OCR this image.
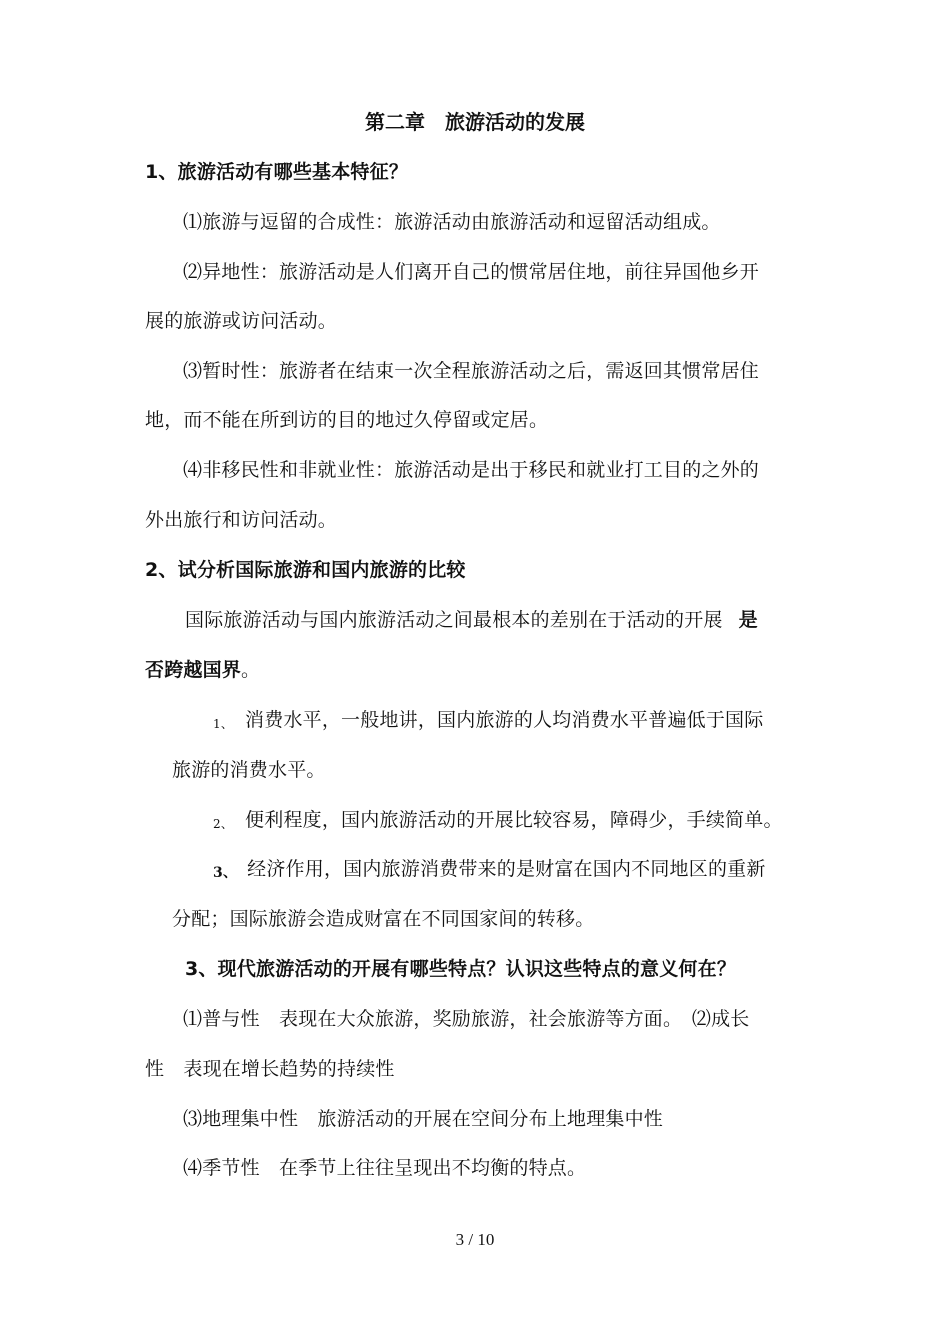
第二章　旅游活动的发展

1、旅游活动有哪些基本特征？

⑴旅游与逗留的合成性：旅游活动由旅游活动和逗留活动组成。

⑵异地性：旅游活动是人们离开自己的惯常居住地，前往异国他乡开

展的旅游或访问活动。

⑶暂时性：旅游者在结束一次全程旅游活动之后，需返回其惯常居住

地，而不能在所到访的目的地过久停留或定居。

⑷非移民性和非就业性：旅游活动是出于移民和就业打工目的之外的

外出旅行和访问活动。

2、试分析国际旅游和国内旅游的比较

国际旅游活动与国内旅游活动之间最根本的差别在于活动的开展 是

否跨越国界。

1、 消费水平，一般地讲，国内旅游的人均消费水平普遍低于国际

旅游的消费水平。

2、 便利程度，国内旅游活动的开展比较容易，障碍少，手续简单。

3、 经济作用，国内旅游消费带来的是财富在国内不同地区的重新

分配；国际旅游会造成财富在不同国家间的转移。

3、现代旅游活动的开展有哪些特点？认识这些特点的意义何在？

⑴普与性　表现在大众旅游，奖励旅游，社会旅游等方面。　⑵成长

性　表现在增长趋势的持续性

⑶地理集中性　旅游活动的开展在空间分布上地理集中性

⑷季节性　在季节上往往呈现出不均衡的特点。

3 / 10
